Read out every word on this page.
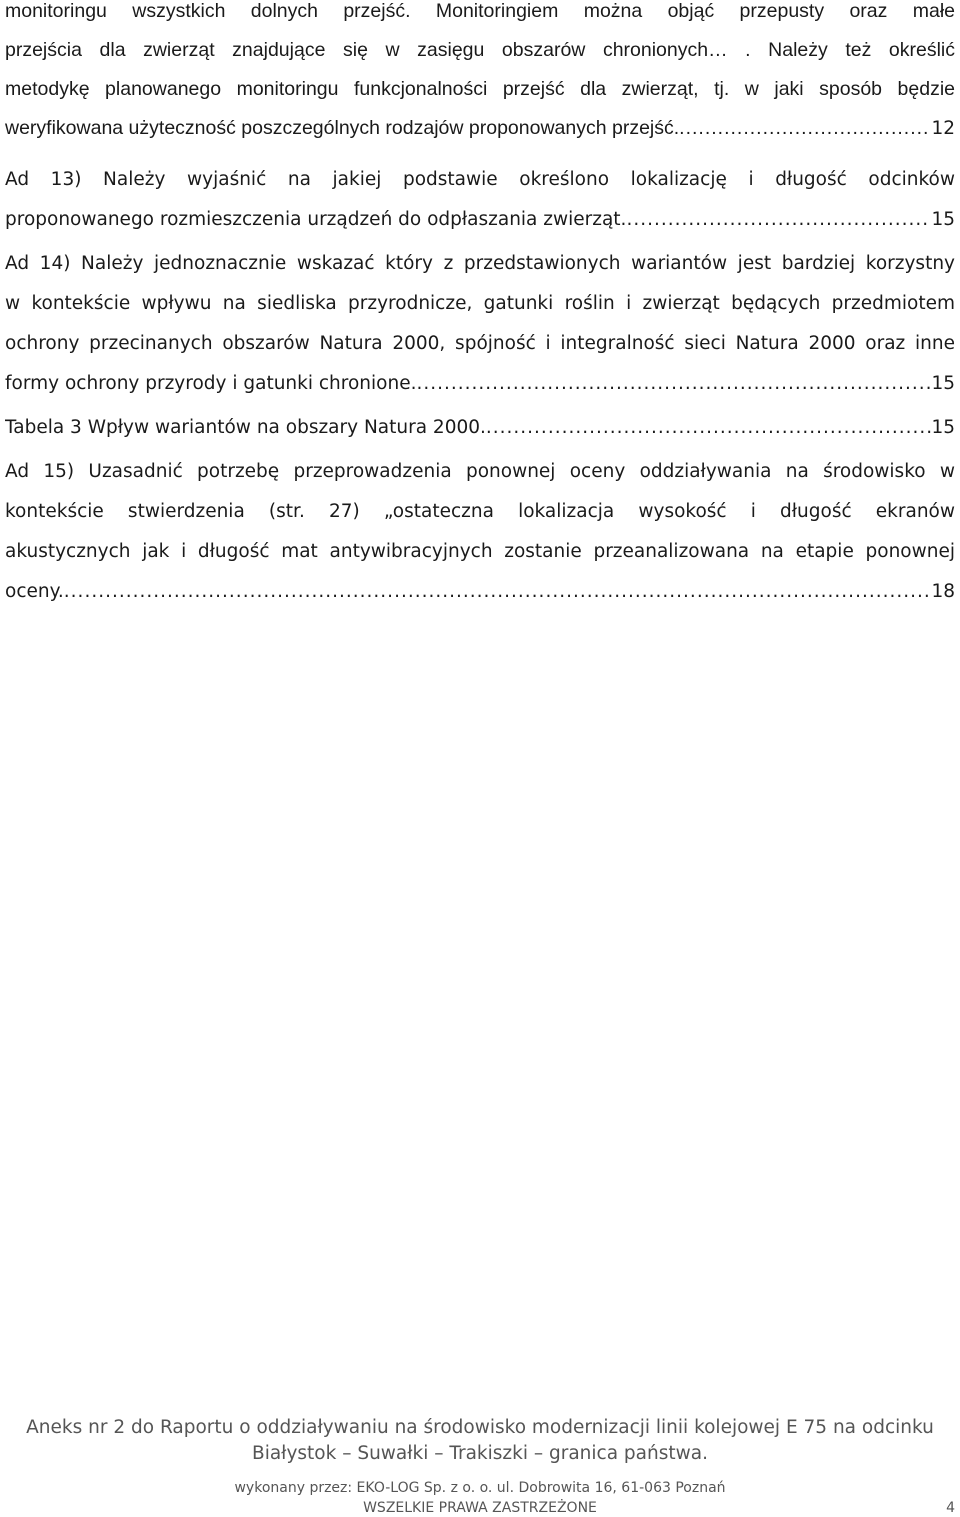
monitoringu wszystkich dolnych przejść. Monitoringiem można objąć przepusty oraz małe
przejścia dla zwierząt znajdujące się w zasięgu obszarów chronionych… . Należy też określić
metodykę planowanego monitoringu funkcjonalności przejść dla zwierząt, tj. w jaki sposób będzie
weryfikowana użyteczność poszczególnych rodzajów proponowanych przejść. .....	12
Ad 13) Należy wyjaśnić na jakiej podstawie określono lokalizację i długość odcinków
proponowanego rozmieszczenia urządzeń do odpłaszania zwierząt. .....	15
Ad 14) Należy jednoznacznie wskazać który z przedstawionych wariantów jest bardziej korzystny
w kontekście wpływu na siedliska przyrodnicze, gatunki roślin i zwierząt będących przedmiotem
ochrony przecinanych obszarów Natura 2000, spójność i integralność sieci Natura 2000 oraz inne
formy ochrony przyrody i gatunki chronione. .....	15
Tabela 3 Wpływ wariantów na obszary Natura 2000. .....	15
Ad 15) Uzasadnić potrzebę przeprowadzenia ponownej oceny oddziaływania na środowisko w
kontekście stwierdzenia (str. 27) „ostateczna lokalizacja wysokość i długość ekranów
akustycznych jak i długość mat antywibracyjnych zostanie przeanalizowana na etapie ponownej
oceny. .....	18
Aneks nr 2 do Raportu o oddziaływaniu na środowisko modernizacji linii kolejowej E 75 na odcinku
Białystok – Suwałki – Trakiszki – granica państwa.
wykonany przez: EKO-LOG Sp. z o. o. ul. Dobrowita 16, 61-063 Poznań
WSZELKIE PRAWA ZASTRZEŻONE	4
